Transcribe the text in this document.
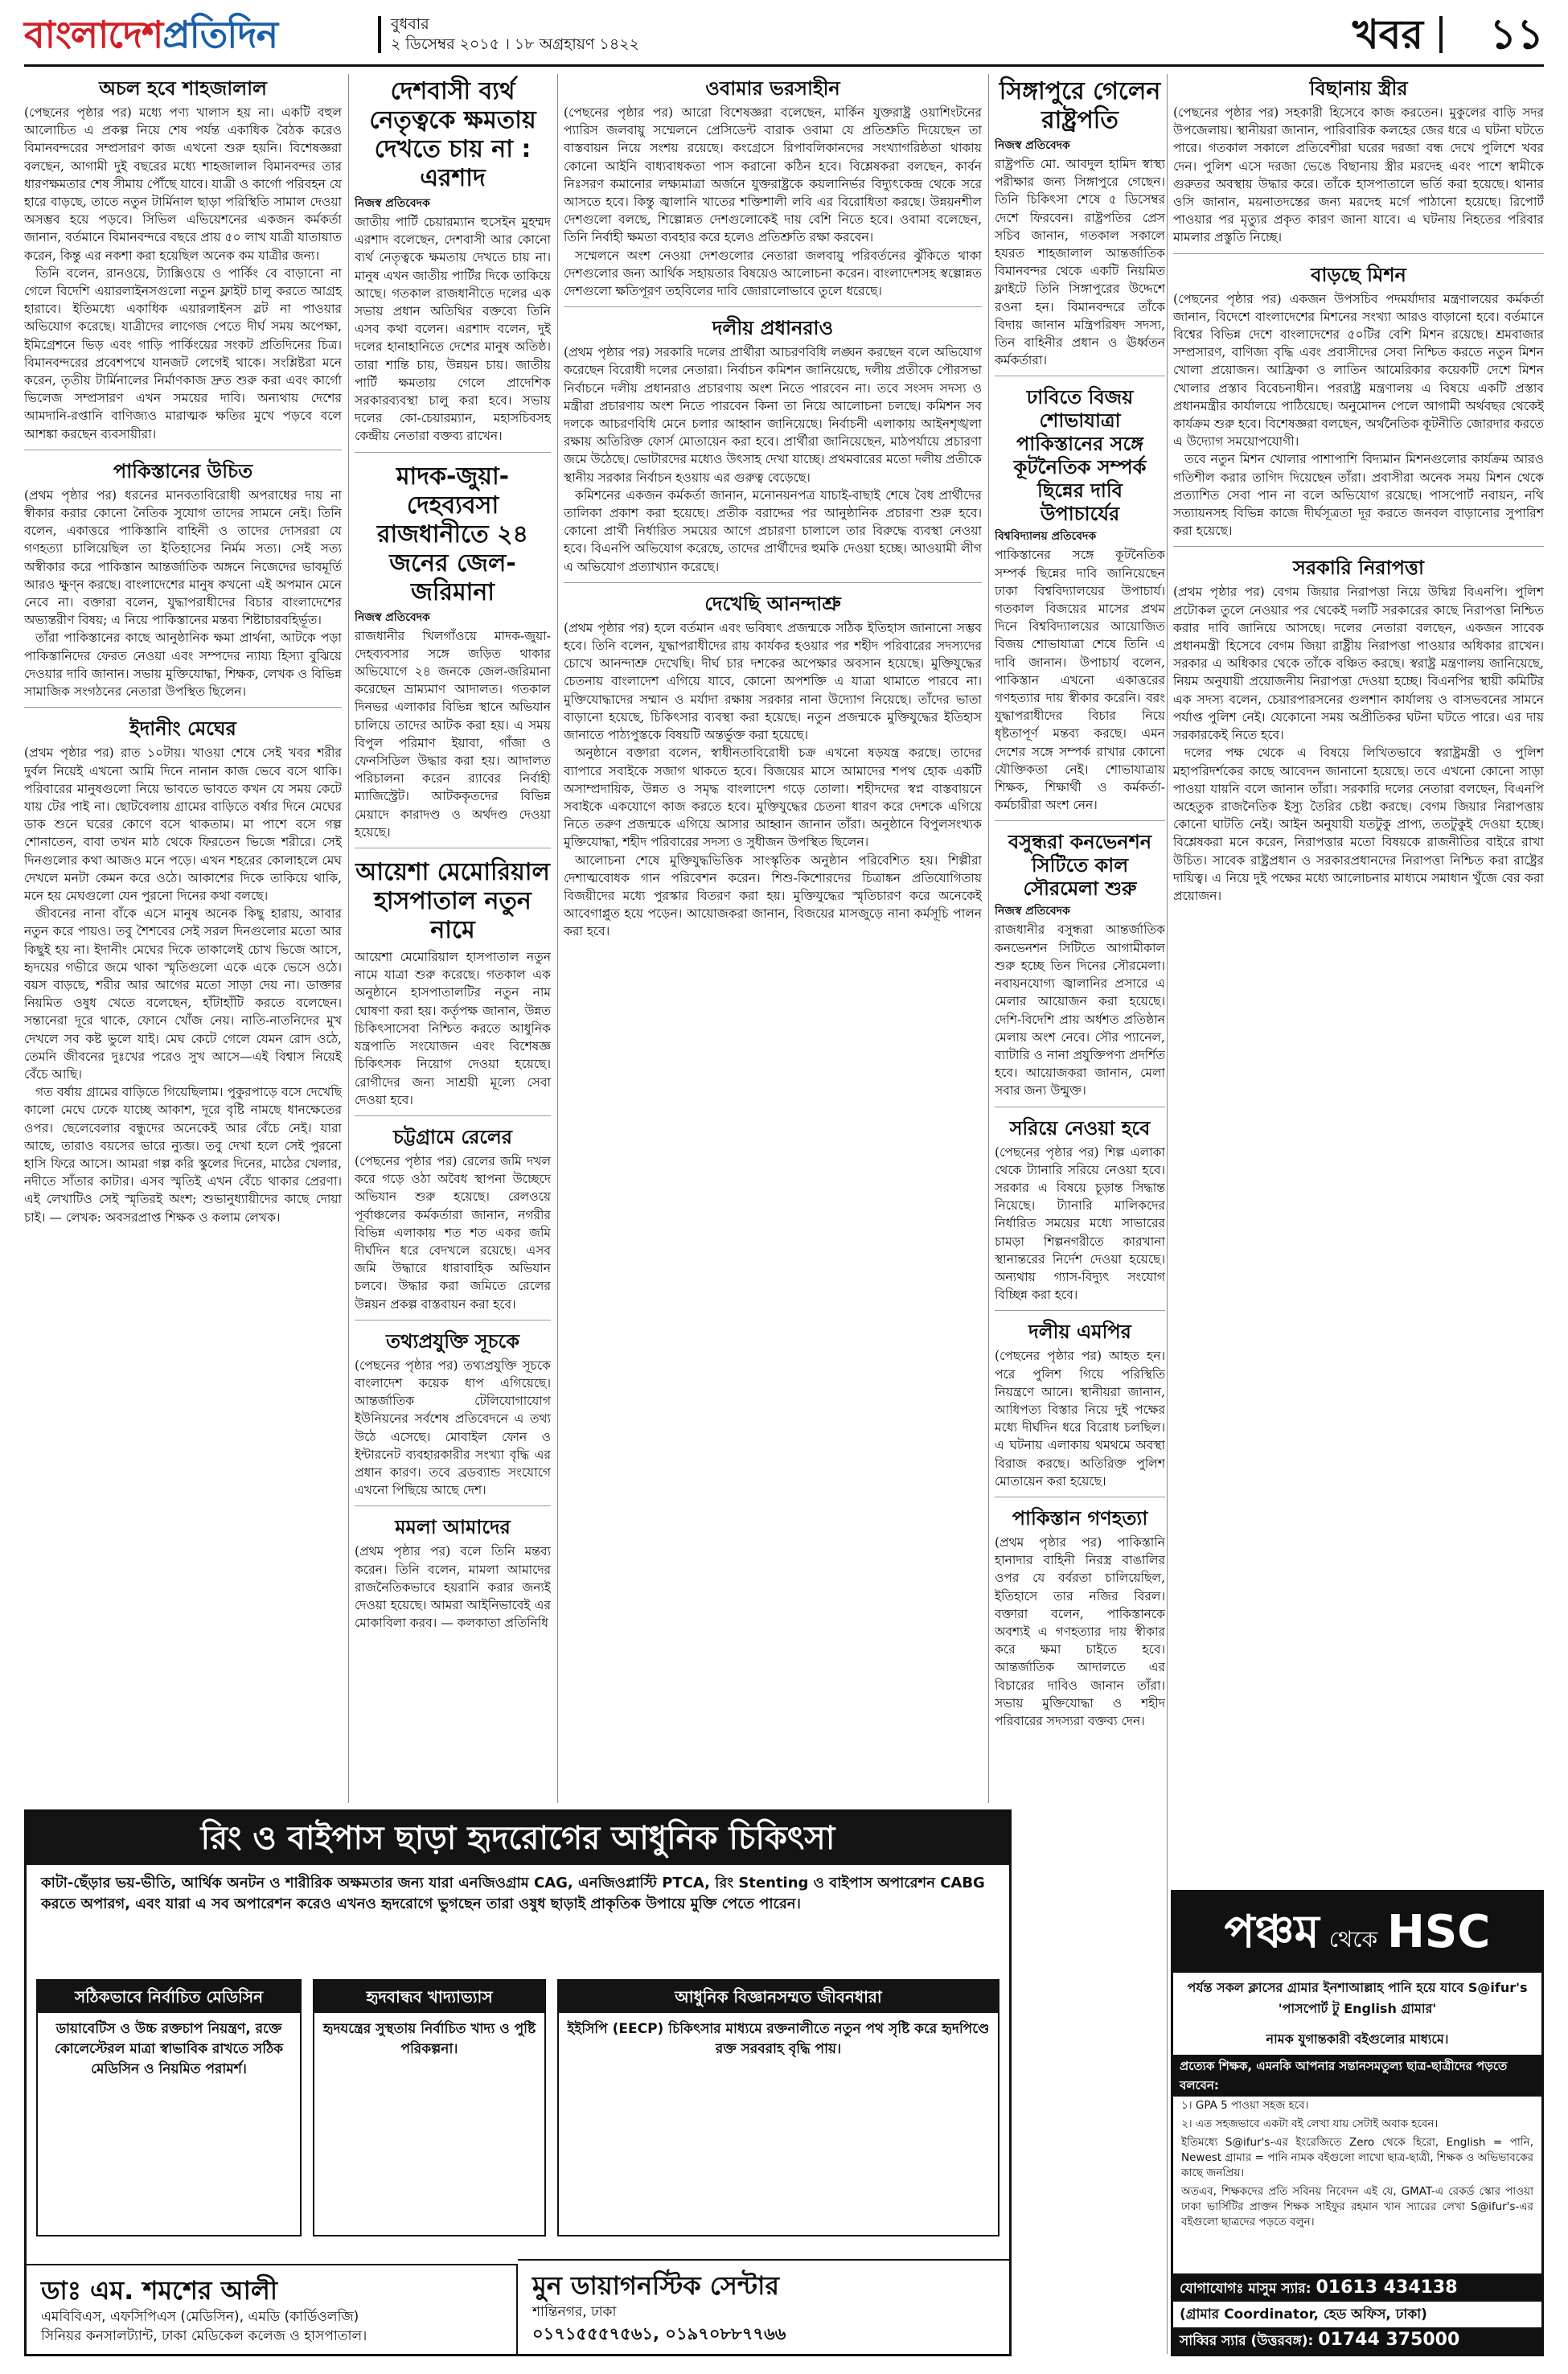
বাংলাদেশপ্রতিদিন	বুধবার
২ ডিসেম্বর ২০১৫ । ১৮ অগ্রহায়ণ ১৪২২	খবর ১১
অচল হবে শাহজালাল

(পেছনের পৃষ্ঠার পর) মধ্যে পণ্য খালাস হয় না। একটি বহুল আলোচিত এ প্রকল্প নিয়ে শেষ পর্যন্ত একাধিক বৈঠক করেও বিমানবন্দরের সম্প্রসারণ কাজ এখনো শুরু হয়নি। বিশেষজ্ঞরা বলছেন, আগামী দুই বছরের মধ্যে শাহজালাল বিমানবন্দর তার ধারণক্ষমতার শেষ সীমায় পৌঁছে যাবে। যাত্রী ও কার্গো পরিবহন যে হারে বাড়ছে, তাতে নতুন টার্মিনাল ছাড়া পরিস্থিতি সামাল দেওয়া অসম্ভব হয়ে পড়বে। সিভিল এভিয়েশনের একজন কর্মকর্তা জানান, বর্তমানে বিমানবন্দরে বছরে প্রায় ৫০ লাখ যাত্রী যাতায়াত করেন, কিন্তু এর নকশা করা হয়েছিল অনেক কম যাত্রীর জন্য।

তিনি বলেন, রানওয়ে, ট্যাক্সিওয়ে ও পার্কিং বে বাড়ানো না গেলে বিদেশি এয়ারলাইনসগুলো নতুন ফ্লাইট চালু করতে আগ্রহ হারাবে। ইতিমধ্যে একাধিক এয়ারলাইনস স্লট না পাওয়ার অভিযোগ করেছে। যাত্রীদের লাগেজ পেতে দীর্ঘ সময় অপেক্ষা, ইমিগ্রেশনে ভিড় এবং গাড়ি পার্কিংয়ের সংকট প্রতিদিনের চিত্র। বিমানবন্দরের প্রবেশপথে যানজট লেগেই থাকে। সংশ্লিষ্টরা মনে করেন, তৃতীয় টার্মিনালের নির্মাণকাজ দ্রুত শুরু করা এবং কার্গো ভিলেজ সম্প্রসারণ এখন সময়ের দাবি। অন্যথায় দেশের আমদানি-রপ্তানি বাণিজ্যও মারাত্মক ক্ষতির মুখে পড়বে বলে আশঙ্কা করছেন ব্যবসায়ীরা।

পাকিস্তানের উচিত

(প্রথম পৃষ্ঠার পর) ধরনের মানবতাবিরোধী অপরাধের দায় না স্বীকার করার কোনো নৈতিক সুযোগ তাদের সামনে নেই। তিনি বলেন, একাত্তরে পাকিস্তানি বাহিনী ও তাদের দোসররা যে গণহত্যা চালিয়েছিল তা ইতিহাসের নির্মম সত্য। সেই সত্য অস্বীকার করে পাকিস্তান আন্তর্জাতিক অঙ্গনে নিজেদের ভাবমূর্তি আরও ক্ষুণ্ন করছে। বাংলাদেশের মানুষ কখনো এই অপমান মেনে নেবে না। বক্তারা বলেন, যুদ্ধাপরাধীদের বিচার বাংলাদেশের অভ্যন্তরীণ বিষয়; এ নিয়ে পাকিস্তানের মন্তব্য শিষ্টাচারবহির্ভূত।

তাঁরা পাকিস্তানের কাছে আনুষ্ঠানিক ক্ষমা প্রার্থনা, আটকে পড়া পাকিস্তানিদের ফেরত নেওয়া এবং সম্পদের ন্যায্য হিস্যা বুঝিয়ে দেওয়ার দাবি জানান। সভায় মুক্তিযোদ্ধা, শিক্ষক, লেখক ও বিভিন্ন সামাজিক সংগঠনের নেতারা উপস্থিত ছিলেন।

ইদানীং মেঘের

(প্রথম পৃষ্ঠার পর) রাত ১০টায়। খাওয়া শেষে সেই খবর শরীর দুর্বল নিয়েই এখনো আমি দিনে নানান কাজ ভেবে বসে থাকি। পরিবারের মানুষগুলো নিয়ে ভাবতে ভাবতে কখন যে সময় কেটে যায় টের পাই না। ছোটবেলায় গ্রামের বাড়িতে বর্ষার দিনে মেঘের ডাক শুনে ঘরের কোণে বসে থাকতাম। মা পাশে বসে গল্প শোনাতেন, বাবা তখন মাঠ থেকে ফিরতেন ভিজে শরীরে। সেই দিনগুলোর কথা আজও মনে পড়ে। এখন শহরের কোলাহলে মেঘ দেখলে মনটা কেমন করে ওঠে। আকাশের দিকে তাকিয়ে থাকি, মনে হয় মেঘগুলো যেন পুরনো দিনের কথা বলছে।

জীবনের নানা বাঁকে এসে মানুষ অনেক কিছু হারায়, আবার নতুন করে পায়ও। তবু শৈশবের সেই সরল দিনগুলোর মতো আর কিছুই হয় না। ইদানীং মেঘের দিকে তাকালেই চোখ ভিজে আসে, হৃদয়ের গভীরে জমে থাকা স্মৃতিগুলো একে একে ভেসে ওঠে। বয়স বাড়ছে, শরীর আর আগের মতো সাড়া দেয় না। ডাক্তার নিয়মিত ওষুধ খেতে বলেছেন, হাঁটাহাঁটি করতে বলেছেন। সন্তানেরা দূরে থাকে, ফোনে খোঁজ নেয়। নাতি-নাতনিদের মুখ দেখলে সব কষ্ট ভুলে যাই। মেঘ কেটে গেলে যেমন রোদ ওঠে, তেমনি জীবনের দুঃখের পরেও সুখ আসে—এই বিশ্বাস নিয়েই বেঁচে আছি।

গত বর্ষায় গ্রামের বাড়িতে গিয়েছিলাম। পুকুরপাড়ে বসে দেখেছি কালো মেঘে ঢেকে যাচ্ছে আকাশ, দূরে বৃষ্টি নামছে ধানক্ষেতের ওপর। ছেলেবেলার বন্ধুদের অনেকেই আর বেঁচে নেই। যারা আছে, তারাও বয়সের ভারে ন্যুব্জ। তবু দেখা হলে সেই পুরনো হাসি ফিরে আসে। আমরা গল্প করি স্কুলের দিনের, মাঠের খেলার, নদীতে সাঁতার কাটার। এসব স্মৃতিই এখন বেঁচে থাকার প্রেরণা। এই লেখাটিও সেই স্মৃতিরই অংশ; শুভানুধ্যায়ীদের কাছে দোয়া চাই। — লেখক: অবসরপ্রাপ্ত শিক্ষক ও কলাম লেখক।

দেশবাসী ব্যর্থ নেতৃত্বকে ক্ষমতায় দেখতে চায় না : এরশাদ
নিজস্ব প্রতিবেদক

জাতীয় পার্টি চেয়ারম্যান হুসেইন মুহম্মদ এরশাদ বলেছেন, দেশবাসী আর কোনো ব্যর্থ নেতৃত্বকে ক্ষমতায় দেখতে চায় না। মানুষ এখন জাতীয় পার্টির দিকে তাকিয়ে আছে। গতকাল রাজধানীতে দলের এক সভায় প্রধান অতিথির বক্তব্যে তিনি এসব কথা বলেন। এরশাদ বলেন, দুই দলের হানাহানিতে দেশের মানুষ অতিষ্ঠ। তারা শান্তি চায়, উন্নয়ন চায়। জাতীয় পার্টি ক্ষমতায় গেলে প্রাদেশিক সরকারব্যবস্থা চালু করা হবে। সভায় দলের কো-চেয়ারম্যান, মহাসচিবসহ কেন্দ্রীয় নেতারা বক্তব্য রাখেন।

মাদক-জুয়া-দেহব্যবসা রাজধানীতে ২৪ জনের জেল-জরিমানা
নিজস্ব প্রতিবেদক

রাজধানীর খিলগাঁওয়ে মাদক-জুয়া-দেহব্যবসার সঙ্গে জড়িত থাকার অভিযোগে ২৪ জনকে জেল-জরিমানা করেছেন ভ্রাম্যমাণ আদালত। গতকাল দিনভর এলাকার বিভিন্ন স্থানে অভিযান চালিয়ে তাদের আটক করা হয়। এ সময় বিপুল পরিমাণ ইয়াবা, গাঁজা ও ফেনসিডিল উদ্ধার করা হয়। আদালত পরিচালনা করেন র‌্যাবের নির্বাহী ম্যাজিস্ট্রেট। আটককৃতদের বিভিন্ন মেয়াদে কারাদণ্ড ও অর্থদণ্ড দেওয়া হয়েছে।

আয়েশা মেমোরিয়াল হাসপাতাল নতুন নামে

আয়েশা মেমোরিয়াল হাসপাতাল নতুন নামে যাত্রা শুরু করেছে। গতকাল এক অনুষ্ঠানে হাসপাতালটির নতুন নাম ঘোষণা করা হয়। কর্তৃপক্ষ জানান, উন্নত চিকিৎসাসেবা নিশ্চিত করতে আধুনিক যন্ত্রপাতি সংযোজন এবং বিশেষজ্ঞ চিকিৎসক নিয়োগ দেওয়া হয়েছে। রোগীদের জন্য সাশ্রয়ী মূল্যে সেবা দেওয়া হবে।

চট্টগ্রামে রেলের

(পেছনের পৃষ্ঠার পর) রেলের জমি দখল করে গড়ে ওঠা অবৈধ স্থাপনা উচ্ছেদে অভিযান শুরু হয়েছে। রেলওয়ে পূর্বাঞ্চলের কর্মকর্তারা জানান, নগরীর বিভিন্ন এলাকায় শত শত একর জমি দীর্ঘদিন ধরে বেদখলে রয়েছে। এসব জমি উদ্ধারে ধারাবাহিক অভিযান চলবে। উদ্ধার করা জমিতে রেলের উন্নয়ন প্রকল্প বাস্তবায়ন করা হবে।

তথ্যপ্রযুক্তি সূচকে

(পেছনের পৃষ্ঠার পর) তথ্যপ্রযুক্তি সূচকে বাংলাদেশ কয়েক ধাপ এগিয়েছে। আন্তর্জাতিক টেলিযোগাযোগ ইউনিয়নের সর্বশেষ প্রতিবেদনে এ তথ্য উঠে এসেছে। মোবাইল ফোন ও ইন্টারনেট ব্যবহারকারীর সংখ্যা বৃদ্ধি এর প্রধান কারণ। তবে ব্রডব্যান্ড সংযোগে এখনো পিছিয়ে আছে দেশ।

মমলা আমাদের

(প্রথম পৃষ্ঠার পর) বলে তিনি মন্তব্য করেন। তিনি বলেন, মামলা আমাদের রাজনৈতিকভাবে হয়রানি করার জন্যই দেওয়া হয়েছে। আমরা আইনিভাবেই এর মোকাবিলা করব। — কলকাতা প্রতিনিধি

ওবামার ভরসাহীন

(পেছনের পৃষ্ঠার পর) আরো বিশেষজ্ঞরা বলেছেন, মার্কিন যুক্তরাষ্ট্র ওয়াশিংটনের প্যারিস জলবায়ু সম্মেলনে প্রেসিডেন্ট বারাক ওবামা যে প্রতিশ্রুতি দিয়েছেন তা বাস্তবায়ন নিয়ে সংশয় রয়েছে। কংগ্রেসে রিপাবলিকানদের সংখ্যাগরিষ্ঠতা থাকায় কোনো আইনি বাধ্যবাধকতা পাস করানো কঠিন হবে। বিশ্লেষকরা বলছেন, কার্বন নিঃসরণ কমানোর লক্ষ্যমাত্রা অর্জনে যুক্তরাষ্ট্রকে কয়লানির্ভর বিদ্যুৎকেন্দ্র থেকে সরে আসতে হবে। কিন্তু জ্বালানি খাতের শক্তিশালী লবি এর বিরোধিতা করছে। উন্নয়নশীল দেশগুলো বলছে, শিল্পোন্নত দেশগুলোকেই দায় বেশি নিতে হবে। ওবামা বলেছেন, তিনি নির্বাহী ক্ষমতা ব্যবহার করে হলেও প্রতিশ্রুতি রক্ষা করবেন।

সম্মেলনে অংশ নেওয়া দেশগুলোর নেতারা জলবায়ু পরিবর্তনের ঝুঁকিতে থাকা দেশগুলোর জন্য আর্থিক সহায়তার বিষয়েও আলোচনা করেন। বাংলাদেশসহ স্বল্পোন্নত দেশগুলো ক্ষতিপূরণ তহবিলের দাবি জোরালোভাবে তুলে ধরেছে।

দলীয় প্রধানরাও

(প্রথম পৃষ্ঠার পর) সরকারি দলের প্রার্থীরা আচরণবিধি লঙ্ঘন করছেন বলে অভিযোগ করেছেন বিরোধী দলের নেতারা। নির্বাচন কমিশন জানিয়েছে, দলীয় প্রতীকে পৌরসভা নির্বাচনে দলীয় প্রধানরাও প্রচারণায় অংশ নিতে পারবেন না। তবে সংসদ সদস্য ও মন্ত্রীরা প্রচারণায় অংশ নিতে পারবেন কিনা তা নিয়ে আলোচনা চলছে। কমিশন সব দলকে আচরণবিধি মেনে চলার আহ্বান জানিয়েছে। নির্বাচনী এলাকায় আইনশৃঙ্খলা রক্ষায় অতিরিক্ত ফোর্স মোতায়েন করা হবে। প্রার্থীরা জানিয়েছেন, মাঠপর্যায়ে প্রচারণা জমে উঠেছে। ভোটারদের মধ্যেও উৎসাহ দেখা যাচ্ছে। প্রথমবারের মতো দলীয় প্রতীকে স্থানীয় সরকার নির্বাচন হওয়ায় এর গুরুত্ব বেড়েছে।

কমিশনের একজন কর্মকর্তা জানান, মনোনয়নপত্র যাচাই-বাছাই শেষে বৈধ প্রার্থীদের তালিকা প্রকাশ করা হয়েছে। প্রতীক বরাদ্দের পর আনুষ্ঠানিক প্রচারণা শুরু হবে। কোনো প্রার্থী নির্ধারিত সময়ের আগে প্রচারণা চালালে তার বিরুদ্ধে ব্যবস্থা নেওয়া হবে। বিএনপি অভিযোগ করেছে, তাদের প্রার্থীদের হুমকি দেওয়া হচ্ছে। আওয়ামী লীগ এ অভিযোগ প্রত্যাখ্যান করেছে।

দেখেছি আনন্দাশ্রু

(প্রথম পৃষ্ঠার পর) হলে বর্তমান এবং ভবিষ্যৎ প্রজন্মকে সঠিক ইতিহাস জানানো সম্ভব হবে। তিনি বলেন, যুদ্ধাপরাধীদের রায় কার্যকর হওয়ার পর শহীদ পরিবারের সদস্যদের চোখে আনন্দাশ্রু দেখেছি। দীর্ঘ চার দশকের অপেক্ষার অবসান হয়েছে। মুক্তিযুদ্ধের চেতনায় বাংলাদেশ এগিয়ে যাবে, কোনো অপশক্তি এ যাত্রা থামাতে পারবে না। মুক্তিযোদ্ধাদের সম্মান ও মর্যাদা রক্ষায় সরকার নানা উদ্যোগ নিয়েছে। তাঁদের ভাতা বাড়ানো হয়েছে, চিকিৎসার ব্যবস্থা করা হয়েছে। নতুন প্রজন্মকে মুক্তিযুদ্ধের ইতিহাস জানাতে পাঠ্যপুস্তকে বিষয়টি অন্তর্ভুক্ত করা হয়েছে।

অনুষ্ঠানে বক্তারা বলেন, স্বাধীনতাবিরোধী চক্র এখনো ষড়যন্ত্র করছে। তাদের ব্যাপারে সবাইকে সজাগ থাকতে হবে। বিজয়ের মাসে আমাদের শপথ হোক একটি অসাম্প্রদায়িক, উন্নত ও সমৃদ্ধ বাংলাদেশ গড়ে তোলা। শহীদদের স্বপ্ন বাস্তবায়নে সবাইকে একযোগে কাজ করতে হবে। মুক্তিযুদ্ধের চেতনা ধারণ করে দেশকে এগিয়ে নিতে তরুণ প্রজন্মকে এগিয়ে আসার আহ্বান জানান তাঁরা। অনুষ্ঠানে বিপুলসংখ্যক মুক্তিযোদ্ধা, শহীদ পরিবারের সদস্য ও সুধীজন উপস্থিত ছিলেন।

আলোচনা শেষে মুক্তিযুদ্ধভিত্তিক সাংস্কৃতিক অনুষ্ঠান পরিবেশিত হয়। শিল্পীরা দেশাত্মবোধক গান পরিবেশন করেন। শিশু-কিশোরদের চিত্রাঙ্কন প্রতিযোগিতায় বিজয়ীদের মধ্যে পুরস্কার বিতরণ করা হয়। মুক্তিযুদ্ধের স্মৃতিচারণ করে অনেকেই আবেগাপ্লুত হয়ে পড়েন। আয়োজকরা জানান, বিজয়ের মাসজুড়ে নানা কর্মসূচি পালন করা হবে।

সিঙ্গাপুরে গেলেন রাষ্ট্রপতি
নিজস্ব প্রতিবেদক

রাষ্ট্রপতি মো. আবদুল হামিদ স্বাস্থ্য পরীক্ষার জন্য সিঙ্গাপুরে গেছেন। তিনি চিকিৎসা শেষে ৫ ডিসেম্বর দেশে ফিরবেন। রাষ্ট্রপতির প্রেস সচিব জানান, গতকাল সকালে হযরত শাহজালাল আন্তর্জাতিক বিমানবন্দর থেকে একটি নিয়মিত ফ্লাইটে তিনি সিঙ্গাপুরের উদ্দেশে রওনা হন। বিমানবন্দরে তাঁকে বিদায় জানান মন্ত্রিপরিষদ সদস্য, তিন বাহিনীর প্রধান ও ঊর্ধ্বতন কর্মকর্তারা।

ঢাবিতে বিজয় শোভাযাত্রা পাকিস্তানের সঙ্গে কূটনৈতিক সম্পর্ক ছিন্নের দাবি উপাচার্যের
বিশ্ববিদ্যালয় প্রতিবেদক

পাকিস্তানের সঙ্গে কূটনৈতিক সম্পর্ক ছিন্নের দাবি জানিয়েছেন ঢাকা বিশ্ববিদ্যালয়ের উপাচার্য। গতকাল বিজয়ের মাসের প্রথম দিনে বিশ্ববিদ্যালয়ের আয়োজিত বিজয় শোভাযাত্রা শেষে তিনি এ দাবি জানান। উপাচার্য বলেন, পাকিস্তান এখনো একাত্তরের গণহত্যার দায় স্বীকার করেনি। বরং যুদ্ধাপরাধীদের বিচার নিয়ে ধৃষ্টতাপূর্ণ মন্তব্য করছে। এমন দেশের সঙ্গে সম্পর্ক রাখার কোনো যৌক্তিকতা নেই। শোভাযাত্রায় শিক্ষক, শিক্ষার্থী ও কর্মকর্তা-কর্মচারীরা অংশ নেন।

বসুন্ধরা কনভেনশন সিটিতে কাল সৌরমেলা শুরু
নিজস্ব প্রতিবেদক

রাজধানীর বসুন্ধরা আন্তর্জাতিক কনভেনশন সিটিতে আগামীকাল শুরু হচ্ছে তিন দিনের সৌরমেলা। নবায়নযোগ্য জ্বালানির প্রসারে এ মেলার আয়োজন করা হয়েছে। দেশি-বিদেশি প্রায় অর্ধশত প্রতিষ্ঠান মেলায় অংশ নেবে। সৌর প্যানেল, ব্যাটারি ও নানা প্রযুক্তিপণ্য প্রদর্শিত হবে। আয়োজকরা জানান, মেলা সবার জন্য উন্মুক্ত।

সরিয়ে নেওয়া হবে

(পেছনের পৃষ্ঠার পর) শিল্প এলাকা থেকে ট্যানারি সরিয়ে নেওয়া হবে। সরকার এ বিষয়ে চূড়ান্ত সিদ্ধান্ত নিয়েছে। ট্যানারি মালিকদের নির্ধারিত সময়ের মধ্যে সাভারের চামড়া শিল্পনগরীতে কারখানা স্থানান্তরের নির্দেশ দেওয়া হয়েছে। অন্যথায় গ্যাস-বিদ্যুৎ সংযোগ বিচ্ছিন্ন করা হবে।

দলীয় এমপির

(পেছনের পৃষ্ঠার পর) আহত হন। পরে পুলিশ গিয়ে পরিস্থিতি নিয়ন্ত্রণে আনে। স্থানীয়রা জানান, আধিপত্য বিস্তার নিয়ে দুই পক্ষের মধ্যে দীর্ঘদিন ধরে বিরোধ চলছিল। এ ঘটনায় এলাকায় থমথমে অবস্থা বিরাজ করছে। অতিরিক্ত পুলিশ মোতায়েন করা হয়েছে।

পাকিস্তান গণহত্যা

(প্রথম পৃষ্ঠার পর) পাকিস্তানি হানাদার বাহিনী নিরস্ত্র বাঙালির ওপর যে বর্বরতা চালিয়েছিল, ইতিহাসে তার নজির বিরল। বক্তারা বলেন, পাকিস্তানকে অবশ্যই এ গণহত্যার দায় স্বীকার করে ক্ষমা চাইতে হবে। আন্তর্জাতিক আদালতে এর বিচারের দাবিও জানান তাঁরা। সভায় মুক্তিযোদ্ধা ও শহীদ পরিবারের সদস্যরা বক্তব্য দেন।

বিছানায় স্ত্রীর

(পেছনের পৃষ্ঠার পর) সহকারী হিসেবে কাজ করতেন। মুকুলের বাড়ি সদর উপজেলায়। স্থানীয়রা জানান, পারিবারিক কলহের জের ধরে এ ঘটনা ঘটতে পারে। গতকাল সকালে প্রতিবেশীরা ঘরের দরজা বন্ধ দেখে পুলিশে খবর দেন। পুলিশ এসে দরজা ভেঙে বিছানায় স্ত্রীর মরদেহ এবং পাশে স্বামীকে গুরুতর অবস্থায় উদ্ধার করে। তাঁকে হাসপাতালে ভর্তি করা হয়েছে। থানার ওসি জানান, ময়নাতদন্তের জন্য মরদেহ মর্গে পাঠানো হয়েছে। রিপোর্ট পাওয়ার পর মৃত্যুর প্রকৃত কারণ জানা যাবে। এ ঘটনায় নিহতের পরিবার মামলার প্রস্তুতি নিচ্ছে।

বাড়ছে মিশন

(পেছনের পৃষ্ঠার পর) একজন উপসচিব পদমর্যাদার মন্ত্রণালয়ের কর্মকর্তা জানান, বিদেশে বাংলাদেশের মিশনের সংখ্যা আরও বাড়ানো হবে। বর্তমানে বিশ্বের বিভিন্ন দেশে বাংলাদেশের ৫০টির বেশি মিশন রয়েছে। শ্রমবাজার সম্প্রসারণ, বাণিজ্য বৃদ্ধি এবং প্রবাসীদের সেবা নিশ্চিত করতে নতুন মিশন খোলা প্রয়োজন। আফ্রিকা ও লাতিন আমেরিকার কয়েকটি দেশে মিশন খোলার প্রস্তাব বিবেচনাধীন। পররাষ্ট্র মন্ত্রণালয় এ বিষয়ে একটি প্রস্তাব প্রধানমন্ত্রীর কার্যালয়ে পাঠিয়েছে। অনুমোদন পেলে আগামী অর্থবছর থেকেই কার্যক্রম শুরু হবে। বিশেষজ্ঞরা বলছেন, অর্থনৈতিক কূটনীতি জোরদার করতে এ উদ্যোগ সময়োপযোগী।

তবে নতুন মিশন খোলার পাশাপাশি বিদ্যমান মিশনগুলোর কার্যক্রম আরও গতিশীল করার তাগিদ দিয়েছেন তাঁরা। প্রবাসীরা অনেক সময় মিশন থেকে প্রত্যাশিত সেবা পান না বলে অভিযোগ রয়েছে। পাসপোর্ট নবায়ন, নথি সত্যায়নসহ বিভিন্ন কাজে দীর্ঘসূত্রতা দূর করতে জনবল বাড়ানোর সুপারিশ করা হয়েছে।

সরকারি নিরাপত্তা

(প্রথম পৃষ্ঠার পর) বেগম জিয়ার নিরাপত্তা নিয়ে উদ্বিগ্ন বিএনপি। পুলিশ প্রটোকল তুলে নেওয়ার পর থেকেই দলটি সরকারের কাছে নিরাপত্তা নিশ্চিত করার দাবি জানিয়ে আসছে। দলের নেতারা বলছেন, একজন সাবেক প্রধানমন্ত্রী হিসেবে বেগম জিয়া রাষ্ট্রীয় নিরাপত্তা পাওয়ার অধিকার রাখেন। সরকার এ অধিকার থেকে তাঁকে বঞ্চিত করছে। স্বরাষ্ট্র মন্ত্রণালয় জানিয়েছে, নিয়ম অনুযায়ী প্রয়োজনীয় নিরাপত্তা দেওয়া হচ্ছে। বিএনপির স্থায়ী কমিটির এক সদস্য বলেন, চেয়ারপারসনের গুলশান কার্যালয় ও বাসভবনের সামনে পর্যাপ্ত পুলিশ নেই। যেকোনো সময় অপ্রীতিকর ঘটনা ঘটতে পারে। এর দায় সরকারকেই নিতে হবে।

দলের পক্ষ থেকে এ বিষয়ে লিখিতভাবে স্বরাষ্ট্রমন্ত্রী ও পুলিশ মহাপরিদর্শকের কাছে আবেদন জানানো হয়েছে। তবে এখনো কোনো সাড়া পাওয়া যায়নি বলে জানান তাঁরা। সরকারি দলের নেতারা বলছেন, বিএনপি অহেতুক রাজনৈতিক ইস্যু তৈরির চেষ্টা করছে। বেগম জিয়ার নিরাপত্তায় কোনো ঘাটতি নেই। আইন অনুযায়ী যতটুকু প্রাপ্য, ততটুকুই দেওয়া হচ্ছে। বিশ্লেষকরা মনে করেন, নিরাপত্তার মতো বিষয়কে রাজনীতির বাইরে রাখা উচিত। সাবেক রাষ্ট্রপ্রধান ও সরকারপ্রধানদের নিরাপত্তা নিশ্চিত করা রাষ্ট্রের দায়িত্ব। এ নিয়ে দুই পক্ষের মধ্যে আলোচনার মাধ্যমে সমাধান খুঁজে বের করা প্রয়োজন।

রিং ও বাইপাস ছাড়া হৃদরোগের আধুনিক চিকিৎসা
কাটা-ছেঁড়ার ভয়-ভীতি, আর্থিক অনটন ও শারীরিক অক্ষমতার জন্য যারা এনজিওগ্রাম CAG, এনজিওপ্লাস্টি PTCA, রিং Stenting ও বাইপাস অপারেশন CABG করতে অপারগ, এবং যারা এ সব অপারেশন করেও এখনও হৃদরোগে ভুগছেন তারা ওষুধ ছাড়াই প্রাকৃতিক উপায়ে মুক্তি পেতে পারেন।
সঠিকভাবে নির্বাচিত মেডিসিন
ডায়াবেটিস ও উচ্চ রক্তচাপ নিয়ন্ত্রণ, রক্তে কোলেস্টেরল মাত্রা স্বাভাবিক রাখতে সঠিক মেডিসিন ও নিয়মিত পরামর্শ।
হৃদবান্ধব খাদ্যাভ্যাস
হৃদযন্ত্রের সুস্থতায় নির্বাচিত খাদ্য ও পুষ্টি পরিকল্পনা।
আধুনিক বিজ্ঞানসম্মত জীবনধারা
ইইসিপি (EECP) চিকিৎসার মাধ্যমে রক্তনালীতে নতুন পথ সৃষ্টি করে হৃদপিণ্ডে রক্ত সরবরাহ বৃদ্ধি পায়।
ডাঃ এম. শমশের আলী
এমবিবিএস, এফসিপিএস (মেডিসিন), এমডি (কার্ডিওলজি)
সিনিয়র কনসালট্যান্ট, ঢাকা মেডিকেল কলেজ ও হাসপাতাল।
মুন ডায়াগনস্টিক সেন্টার
শান্তিনগর, ঢাকা
০১৭১৫৫৫৭৫৬১, ০১৯৭০৮৮৭৭৬৬
পঞ্চম থেকে HSC
পর্যন্ত সকল ক্লাসের গ্রামার ইনশাআল্লাহ পানি হয়ে যাবে S@ifur's 'পাসপোর্ট টু English গ্রামার'
নামক যুগান্তকারী বইগুলোর মাধ্যমে।
প্রত্যেক শিক্ষক, এমনকি আপনার সন্তানসমতুল্য ছাত্র-ছাত্রীদের পড়তে বলবেন:
১। GPA 5 পাওয়া সহজ হবে।
২। এত সহজভাবে একটা বই লেখা যায় সেটাই অবাক হবেন।
ইতিমধ্যে S@ifur's-এর ইংরেজিতে Zero থেকে হিরো, English = পানি, Newest গ্রামার = পানি নামক বইগুলো লাখো ছাত্র-ছাত্রী, শিক্ষক ও অভিভাবকের কাছে জনপ্রিয়।
অতএব, শিক্ষকদের প্রতি সবিনয় নিবেদন এই যে, GMAT-এ রেকর্ড স্কোর পাওয়া ঢাকা ভার্সিটির প্রাক্তন শিক্ষক সাইফুর রহমান খান স্যারের লেখা S@ifur's-এর বইগুলো ছাত্রদের পড়তে বলুন।
যোগাযোগঃ মাসুম স্যার: 01613 434138
(গ্রামার Coordinator, হেড অফিস, ঢাকা)
সাব্বির স্যার (উত্তরবঙ্গ): 01744 375000
